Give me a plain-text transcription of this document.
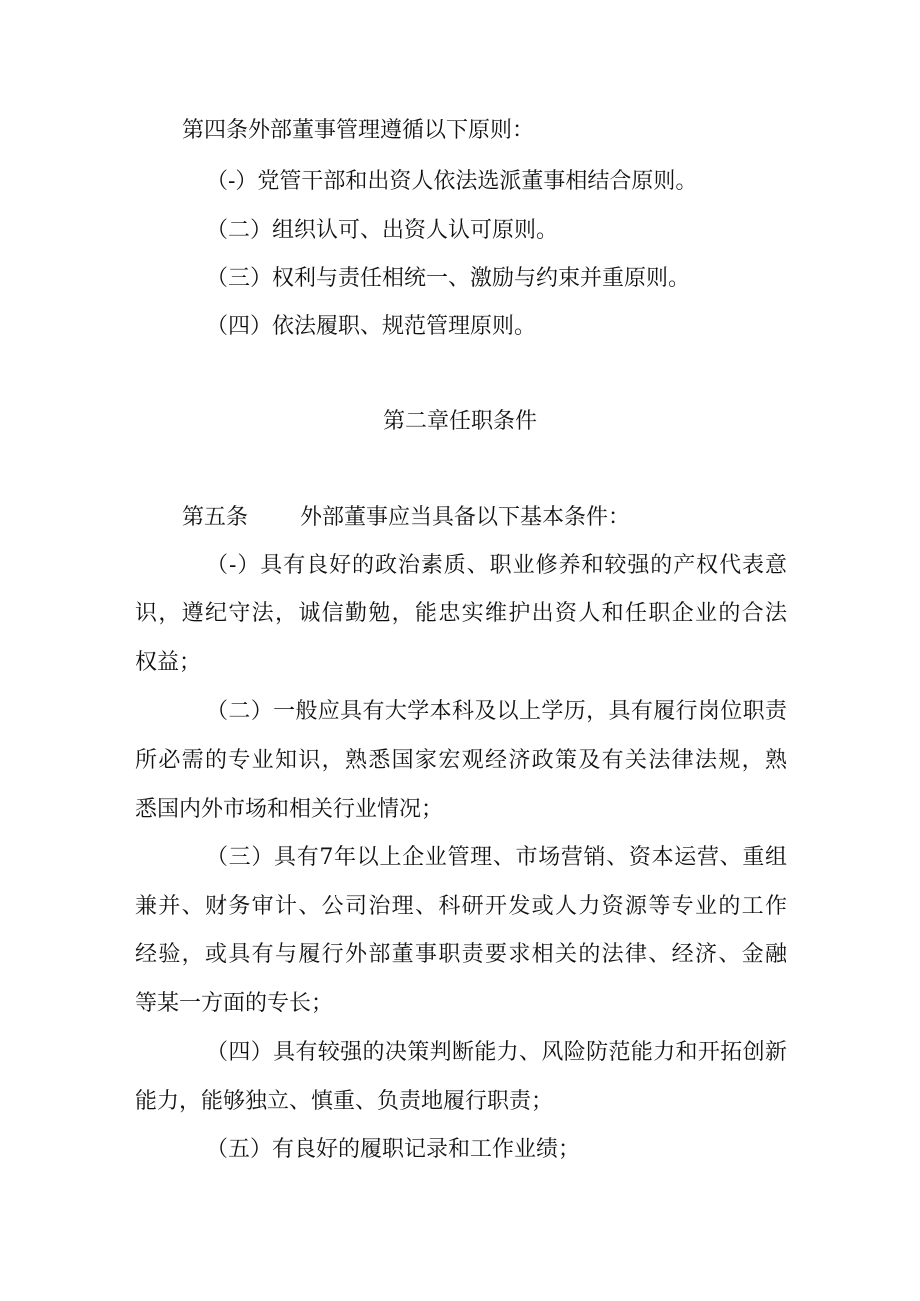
第四条外部董事管理遵循以下原则：

（-）党管干部和出资人依法选派董事相结合原则。

（二）组织认可、出资人认可原则。

（三）权利与责任相统一、激励与约束并重原则。

（四）依法履职、规范管理原则。

第二章任职条件

第五条 外部董事应当具备以下基本条件：

（-）具有良好的政治素质、职业修养和较强的产权代表意

识，遵纪守法，诚信勤勉，能忠实维护出资人和任职企业的合法

权益；

（二）一般应具有大学本科及以上学历，具有履行岗位职责

所必需的专业知识，熟悉国家宏观经济政策及有关法律法规，熟

悉国内外市场和相关行业情况；

（三）具有7年以上企业管理、市场营销、资本运营、重组

兼并、财务审计、公司治理、科研开发或人力资源等专业的工作

经验，或具有与履行外部董事职责要求相关的法律、经济、金融

等某一方面的专长；

（四）具有较强的决策判断能力、风险防范能力和开拓创新

能力，能够独立、慎重、负责地履行职责；

（五）有良好的履职记录和工作业绩；
